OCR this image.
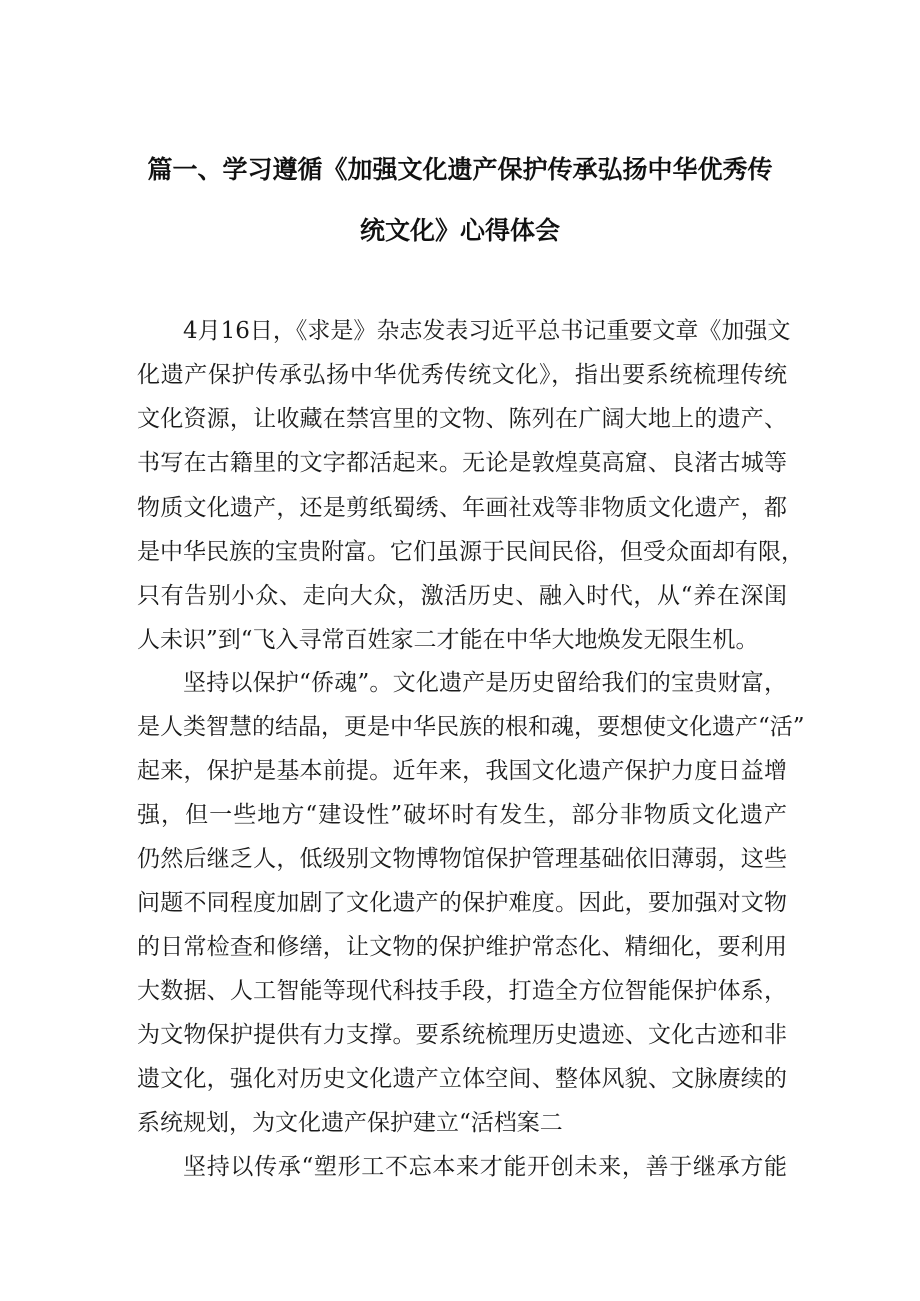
篇一、学习遵循《加强文化遗产保护传承弘扬中华优秀传
统文化》心得体会
4月16日，《求是》杂志发表习近平总书记重要文章《加强文
化遗产保护传承弘扬中华优秀传统文化》，指出要系统梳理传统
文化资源，让收藏在禁宫里的文物、陈列在广阔大地上的遗产、
书写在古籍里的文字都活起来。无论是敦煌莫高窟、良渚古城等
物质文化遗产，还是剪纸蜀绣、年画社戏等非物质文化遗产，都
是中华民族的宝贵附富。它们虽源于民间民俗，但受众面却有限，
只有告别小众、走向大众，激活历史、融入时代，从“养在深闺
人未识”到“飞入寻常百姓家二才能在中华大地焕发无限生机。
坚持以保护“侨魂”。文化遗产是历史留给我们的宝贵财富，
是人类智慧的结晶，更是中华民族的根和魂，要想使文化遗产“活”
起来，保护是基本前提。近年来，我国文化遗产保护力度日益增
强，但一些地方“建设性”破坏时有发生，部分非物质文化遗产
仍然后继乏人，低级别文物博物馆保护管理基础依旧薄弱，这些
问题不同程度加剧了文化遗产的保护难度。因此，要加强对文物
的日常检查和修缮，让文物的保护维护常态化、精细化，要利用
大数据、人工智能等现代科技手段，打造全方位智能保护体系，
为文物保护提供有力支撑。要系统梳理历史遗迹、文化古迹和非
遗文化，强化对历史文化遗产立体空间、整体风貌、文脉赓续的
系统规划，为文化遗产保护建立“活档案二
坚持以传承“塑形工不忘本来才能开创未来，善于继承方能
